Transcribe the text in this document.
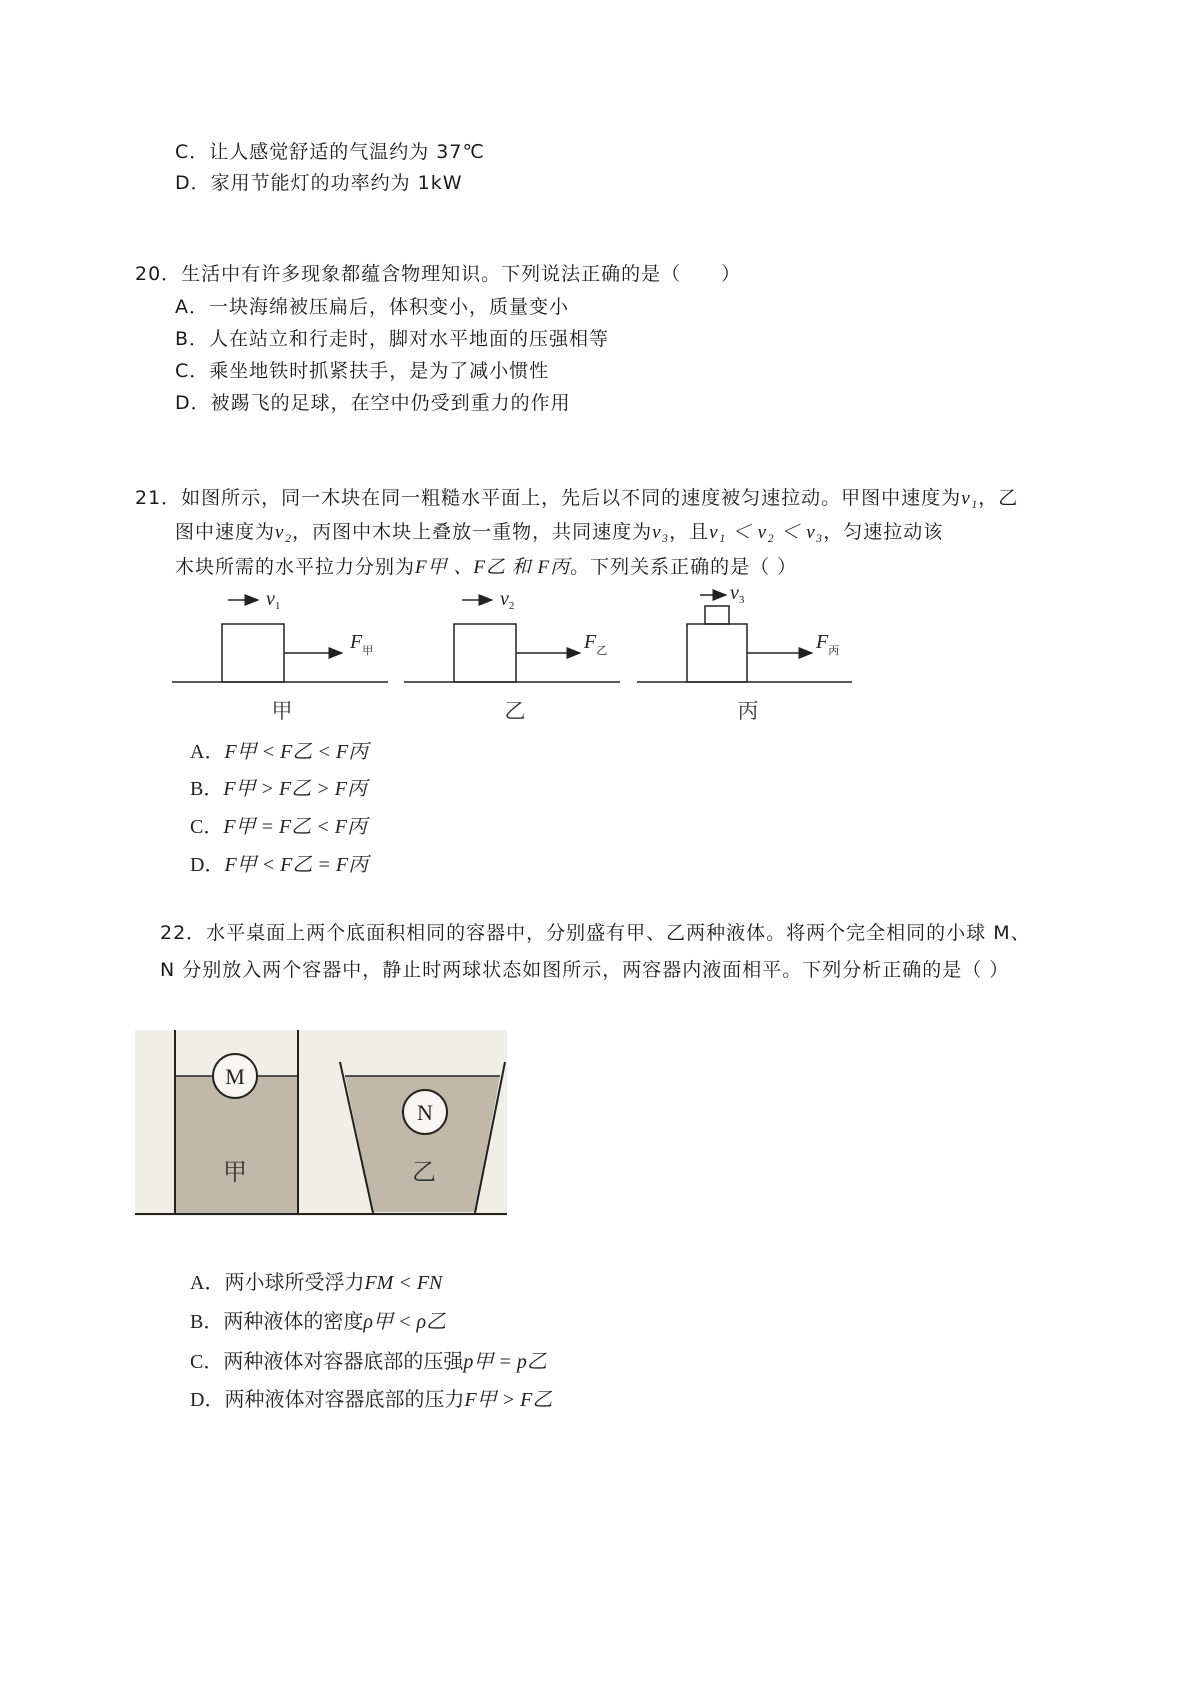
C．让人感觉舒适的气温约为 37℃
D．家用节能灯的功率约为 1kW
20．生活中有许多现象都蕴含物理知识。下列说法正确的是（　　）
A．一块海绵被压扁后，体积变小，质量变小
B．人在站立和行走时，脚对水平地面的压强相等
C．乘坐地铁时抓紧扶手，是为了减小惯性
D．被踢飞的足球，在空中仍受到重力的作用
21．如图所示，同一木块在同一粗糙水平面上，先后以不同的速度被匀速拉动。甲图中速度为v₁，乙
图中速度为v₂，丙图中木块上叠放一重物，共同速度为v₃，且v₁ ＜ v₂ ＜ v₃，匀速拉动该
木块所需的水平拉力分别为F甲 、F乙 和 F丙。下列关系正确的是（ ）
$v_1$	$v_2$
$v_3$
$F_甲$	$F_乙$	$F_丙$
甲	乙	丙
A．F甲 < F乙 < F丙
B．F甲 > F乙 > F丙
C．F甲 = F乙 < F丙
D．F甲 < F乙 = F丙
22．水平桌面上两个底面积相同的容器中，分别盛有甲、乙两种液体。将两个完全相同的小球 M、
N 分别放入两个容器中，静止时两球状态如图所示，两容器内液面相平。下列分析正确的是（ ）
M
N
甲	乙
A．两小球所受浮力FM < FN
B．两种液体的密度ρ甲 < ρ乙
C．两种液体对容器底部的压强p甲 = p乙
D．两种液体对容器底部的压力F甲 > F乙
